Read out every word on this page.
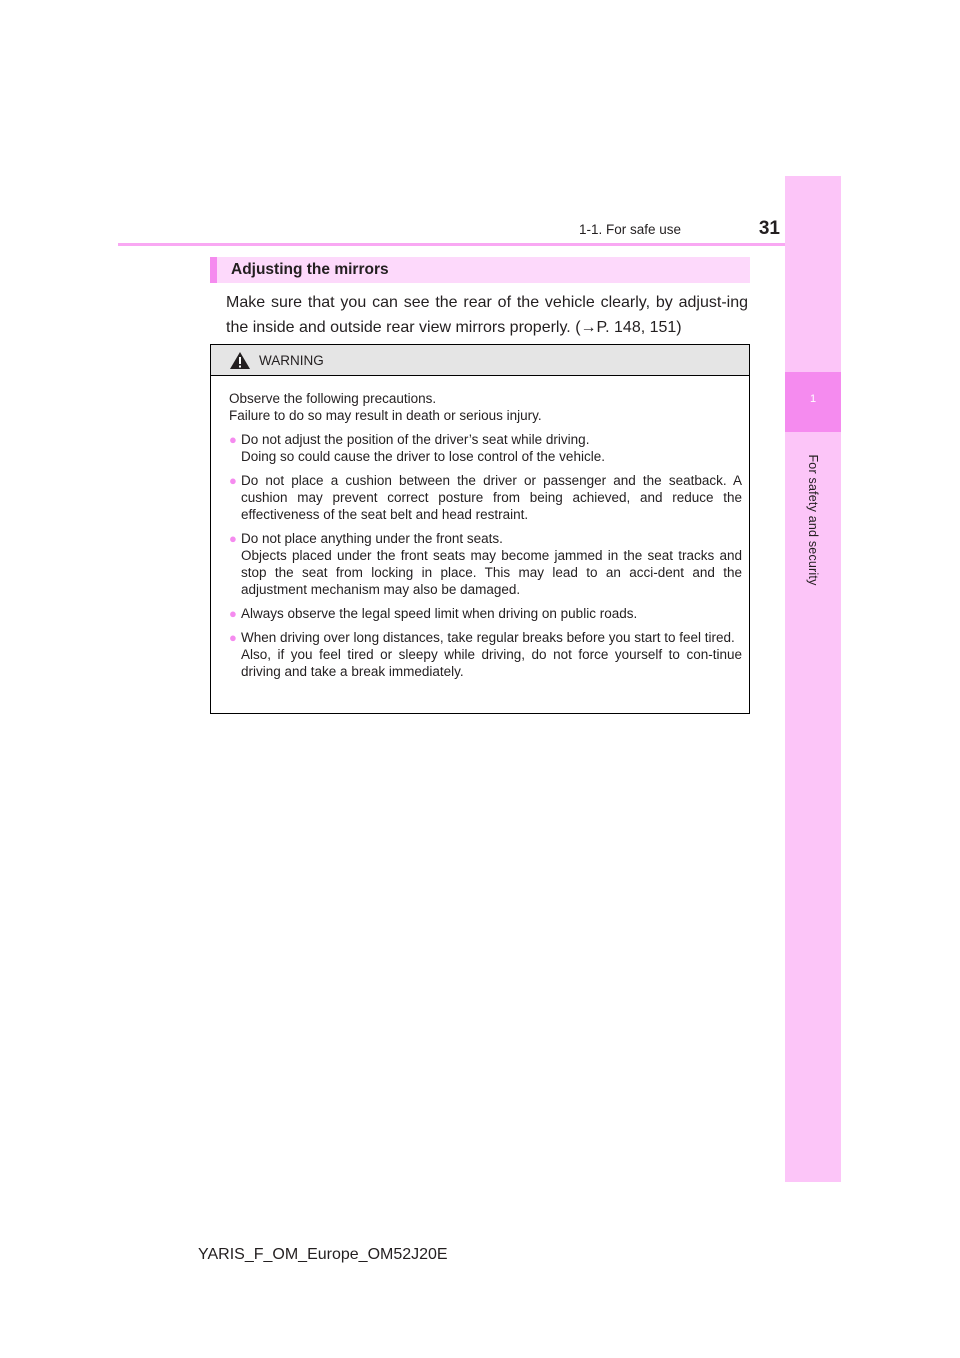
1
For safety and security
1-1. For safe use	31
Adjusting the mirrors
Make sure that you can see the rear of the vehicle clearly, by adjust-ing the inside and outside rear view mirrors properly. (→P. 148, 151)
WARNING

Observe the following precautions.
Failure to do so may result in death or serious injury.

● Do not adjust the position of the driver’s seat while driving.
Doing so could cause the driver to lose control of the vehicle.
● Do not place a cushion between the driver or passenger and the seatback. A cushion may prevent correct posture from being achieved, and reduce the effectiveness of the seat belt and head restraint.
● Do not place anything under the front seats.
Objects placed under the front seats may become jammed in the seat tracks and stop the seat from locking in place. This may lead to an acci-dent and the adjustment mechanism may also be damaged.
● Always observe the legal speed limit when driving on public roads.
● When driving over long distances, take regular breaks before you start to feel tired.
Also, if you feel tired or sleepy while driving, do not force yourself to con-tinue driving and take a break immediately.
YARIS_F_OM_Europe_OM52J20E
